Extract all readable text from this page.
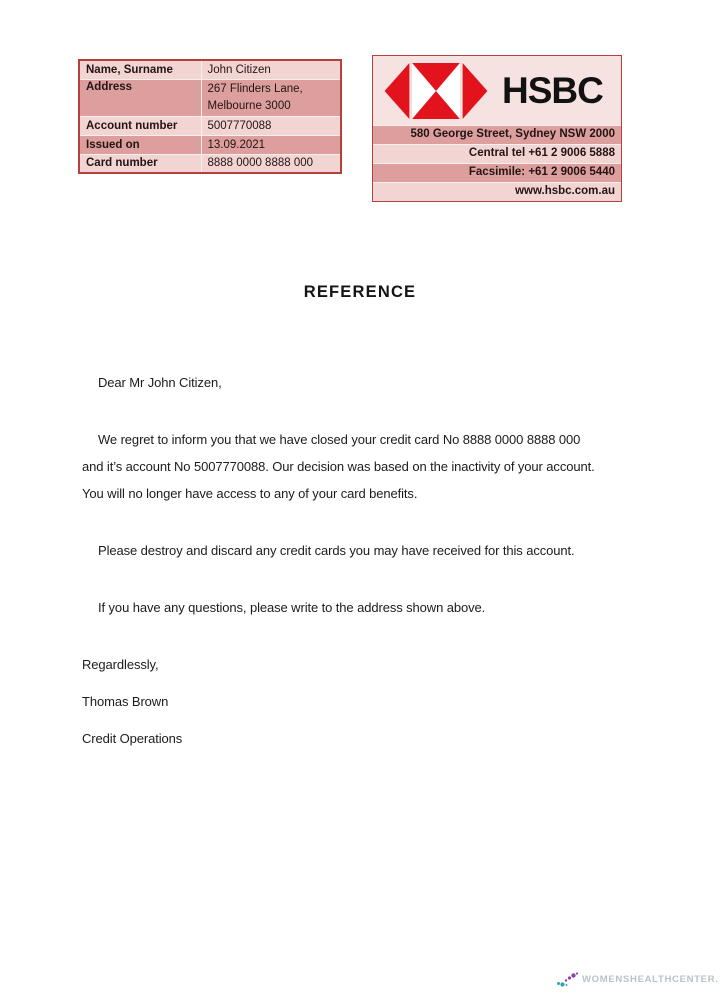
Name, Surname	John Citizen
Address	267 Flinders Lane,
Melbourne 3000

Account number	5007770088
Issued on	13.09.2021
Card number	8888 0000 8888 000
HSBC
580 George Street, Sydney NSW 2000
Central tel +61 2 9006 5888
Facsimile: +61 2 9006 5440
www.hsbc.com.au
REFERENCE
Dear Mr John Citizen,
We regret to inform you that we have closed your credit card No 8888 0000 8888 000
and it’s account No 5007770088. Our decision was based on the inactivity of your account.
You will no longer have access to any of your card benefits.
Please destroy and discard any credit cards you may have received for this account.
If you have any questions, please write to the address shown above.
Regardlessly,
Thomas Brown
Credit Operations
WOMENSHEALTHCENTER.
